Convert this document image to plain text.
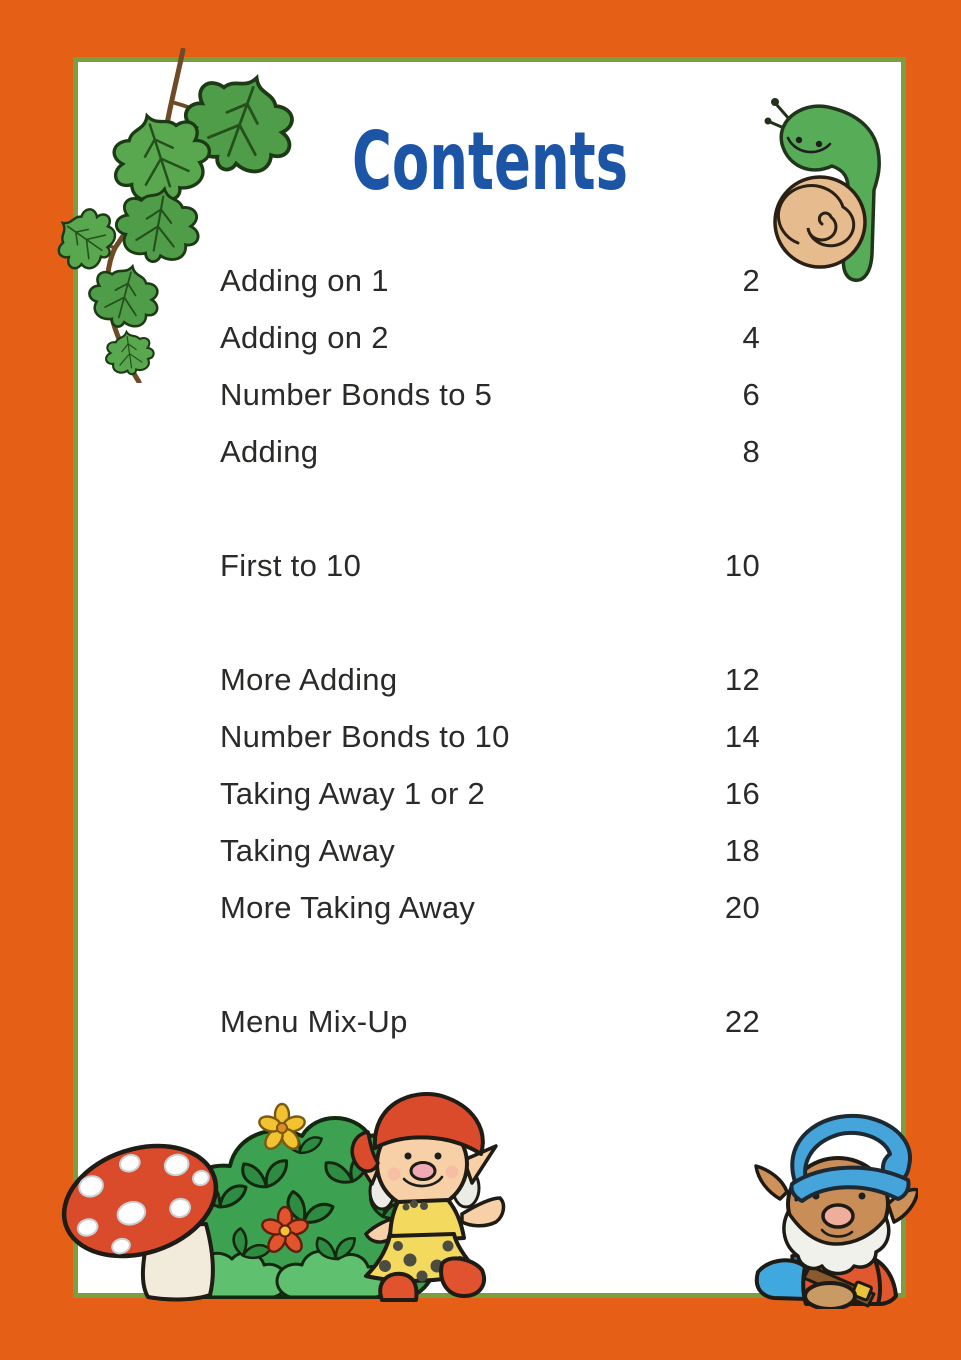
Contents
Adding on 1	2
Adding on 2	4
Number Bonds to 5	6
Adding	8
First to 10	10
More Adding	12
Number Bonds to 10	14
Taking Away 1 or 2	16
Taking Away	18
More Taking Away	20
Menu Mix-Up	22
